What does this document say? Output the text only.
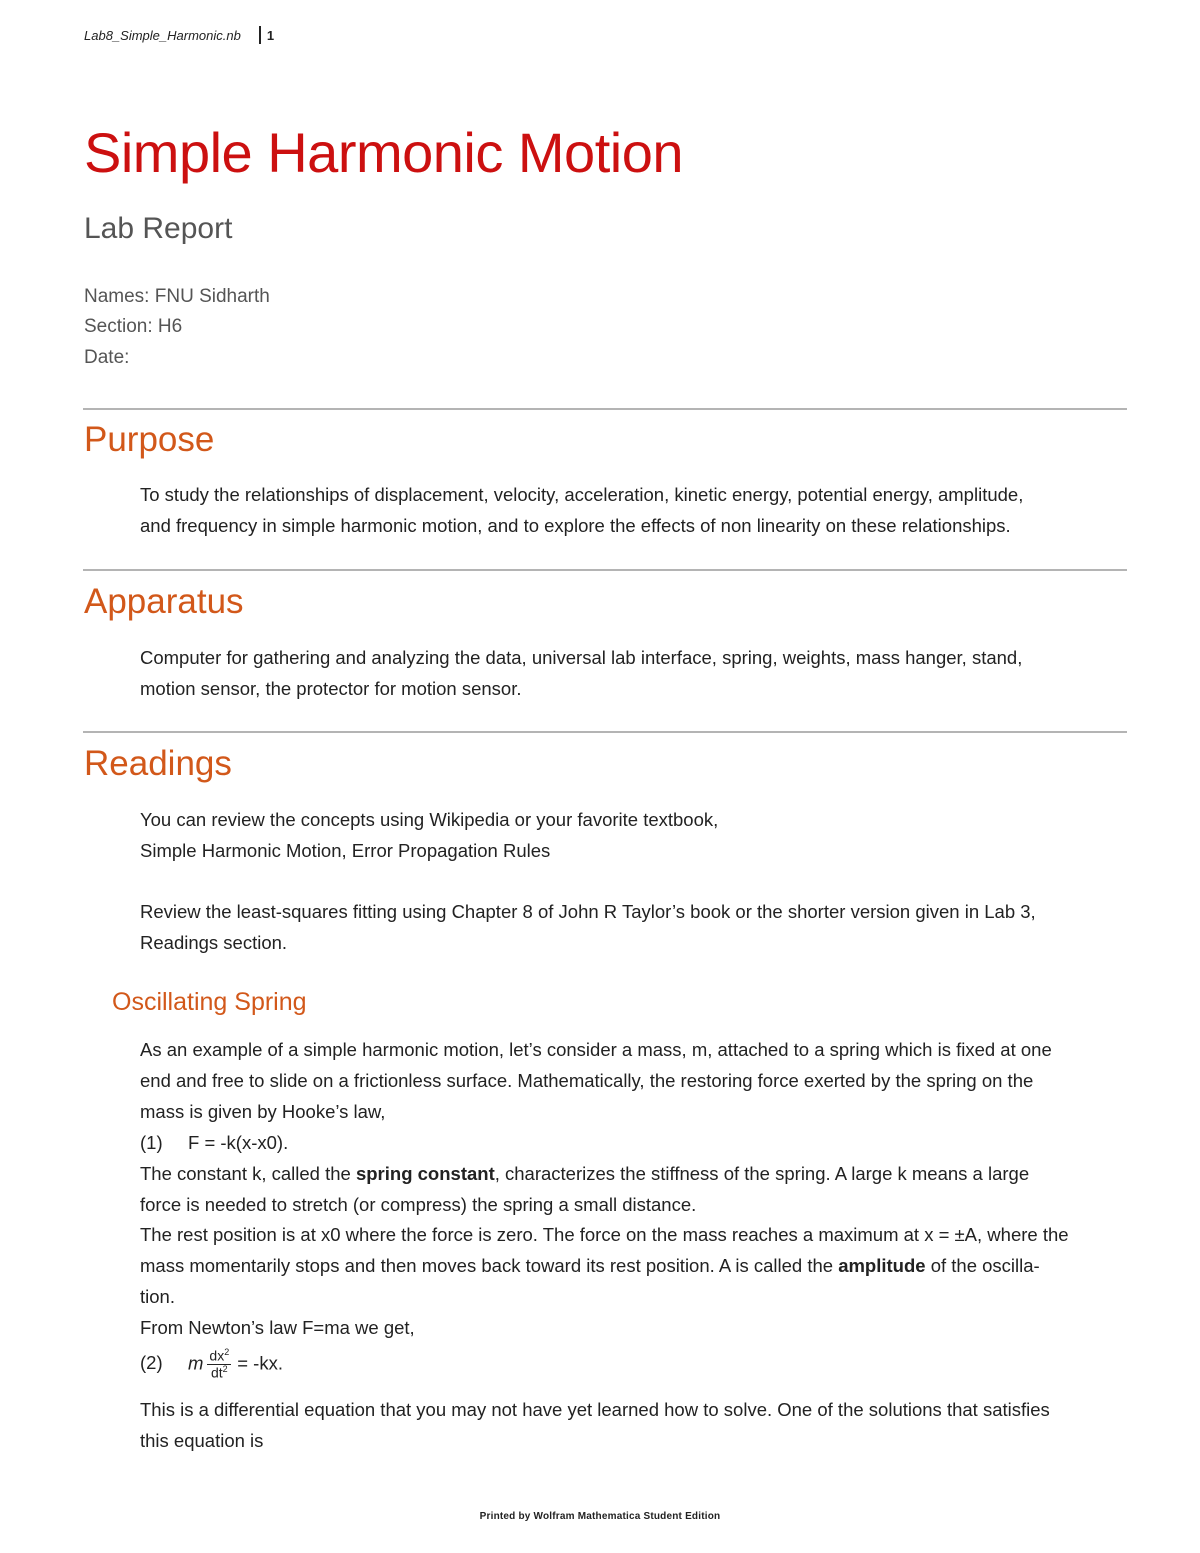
Lab8_Simple_Harmonic.nb 1
Simple Harmonic Motion
Lab Report
Names: FNU Sidharth
Section: H6
Date:
Purpose
To study the relationships of displacement, velocity, acceleration, kinetic energy, potential energy, amplitude,
and frequency in simple harmonic motion, and to explore the effects of non linearity on these relationships.
Apparatus
Computer for gathering and analyzing the data, universal lab interface, spring, weights, mass hanger, stand,
motion sensor, the protector for motion sensor.
Readings
You can review the concepts using Wikipedia or your favorite textbook,
Simple Harmonic Motion, Error Propagation Rules
Review the least-squares fitting using Chapter 8 of John R Taylor’s book or the shorter version given in Lab 3,
Readings section.
Oscillating Spring
As an example of a simple harmonic motion, let’s consider a mass, m, attached to a spring which is fixed at one
end and free to slide on a frictionless surface. Mathematically, the restoring force exerted by the spring on the
mass is given by Hooke’s law,
(1) F = -k(x-x0).
The constant k, called the spring constant, characterizes the stiffness of the spring. A large k means a large
force is needed to stretch (or compress) the spring a small distance.
The rest position is at x0 where the force is zero. The force on the mass reaches a maximum at x = ±A, where the
mass momentarily stops and then moves back toward its rest position. A is called the amplitude of the oscilla-
tion.
From Newton’s law F=ma we get,
(2) m $\frac{dx^2}{dt^2} = -kx$.
This is a differential equation that you may not have yet learned how to solve. One of the solutions that satisfies
this equation is
Printed by Wolfram Mathematica Student Edition
